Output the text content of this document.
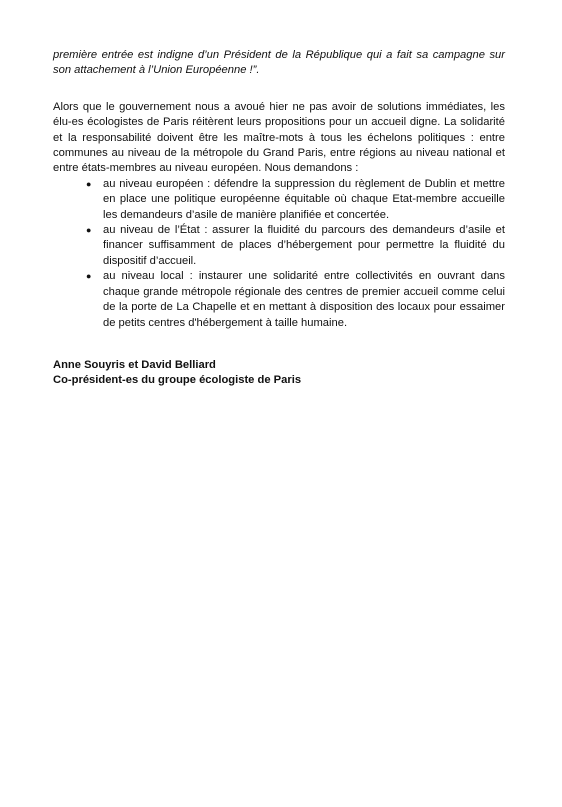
première entrée est indigne d’un Président de la République qui a fait sa campagne sur son attachement à l’Union Européenne !”.

Alors que le gouvernement nous a avoué hier ne pas avoir de solutions immédiates, les élu-es écologistes de Paris réitèrent leurs propositions pour un accueil digne. La solidarité et la responsabilité doivent être les maître-mots à tous les échelons politiques : entre communes au niveau de la métropole du Grand Paris, entre régions au niveau national et entre états-membres au niveau européen. Nous demandons :

● au niveau européen : défendre la suppression du règlement de Dublin et mettre en place une politique européenne équitable où chaque Etat-membre accueille les demandeurs d’asile de manière planifiée et concertée.
● au niveau de l’État : assurer la fluidité du parcours des demandeurs d’asile et financer suffisamment de places d’hébergement pour permettre la fluidité du dispositif d’accueil.
● au niveau local : instaurer une solidarité entre collectivités en ouvrant dans chaque grande métropole régionale des centres de premier accueil comme celui de la porte de La Chapelle et en mettant à disposition des locaux pour essaimer de petits centres d'hébergement à taille humaine.
Anne Souyris et David Belliard
Co-président-es du groupe écologiste de Paris
